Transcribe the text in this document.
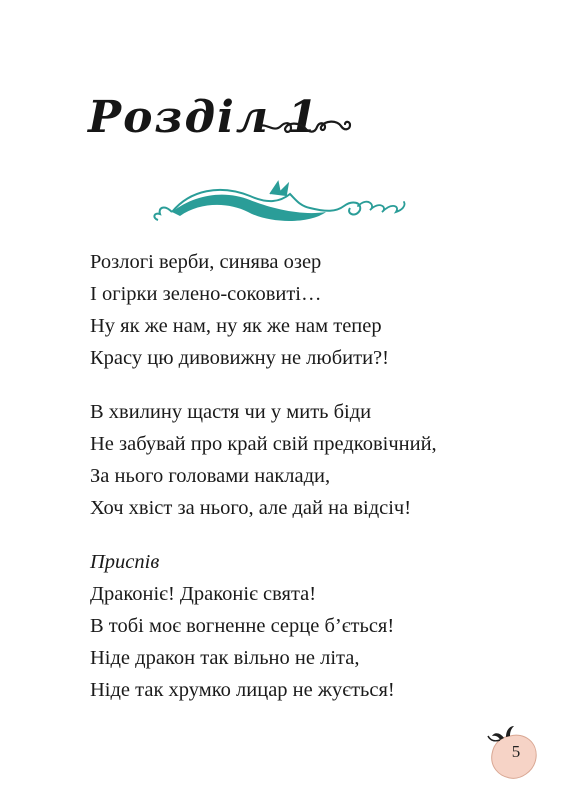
Розділ 1
Розлогі верби, синява озер
І огірки зелено-соковиті…
Ну як же нам, ну як же нам тепер
Красу цю дивовижну не любити?!
В хвилину щастя чи у мить біди
Не забувай про край свій предковічний,
За нього головами наклади,
Хоч хвіст за нього, але дай на відсіч!
Приспів
Драконіє! Драконіє свята!
В тобі моє вогненне серце б’ється!
Ніде дракон так вільно не літа,
Ніде так хрумко лицар не жується!
5
